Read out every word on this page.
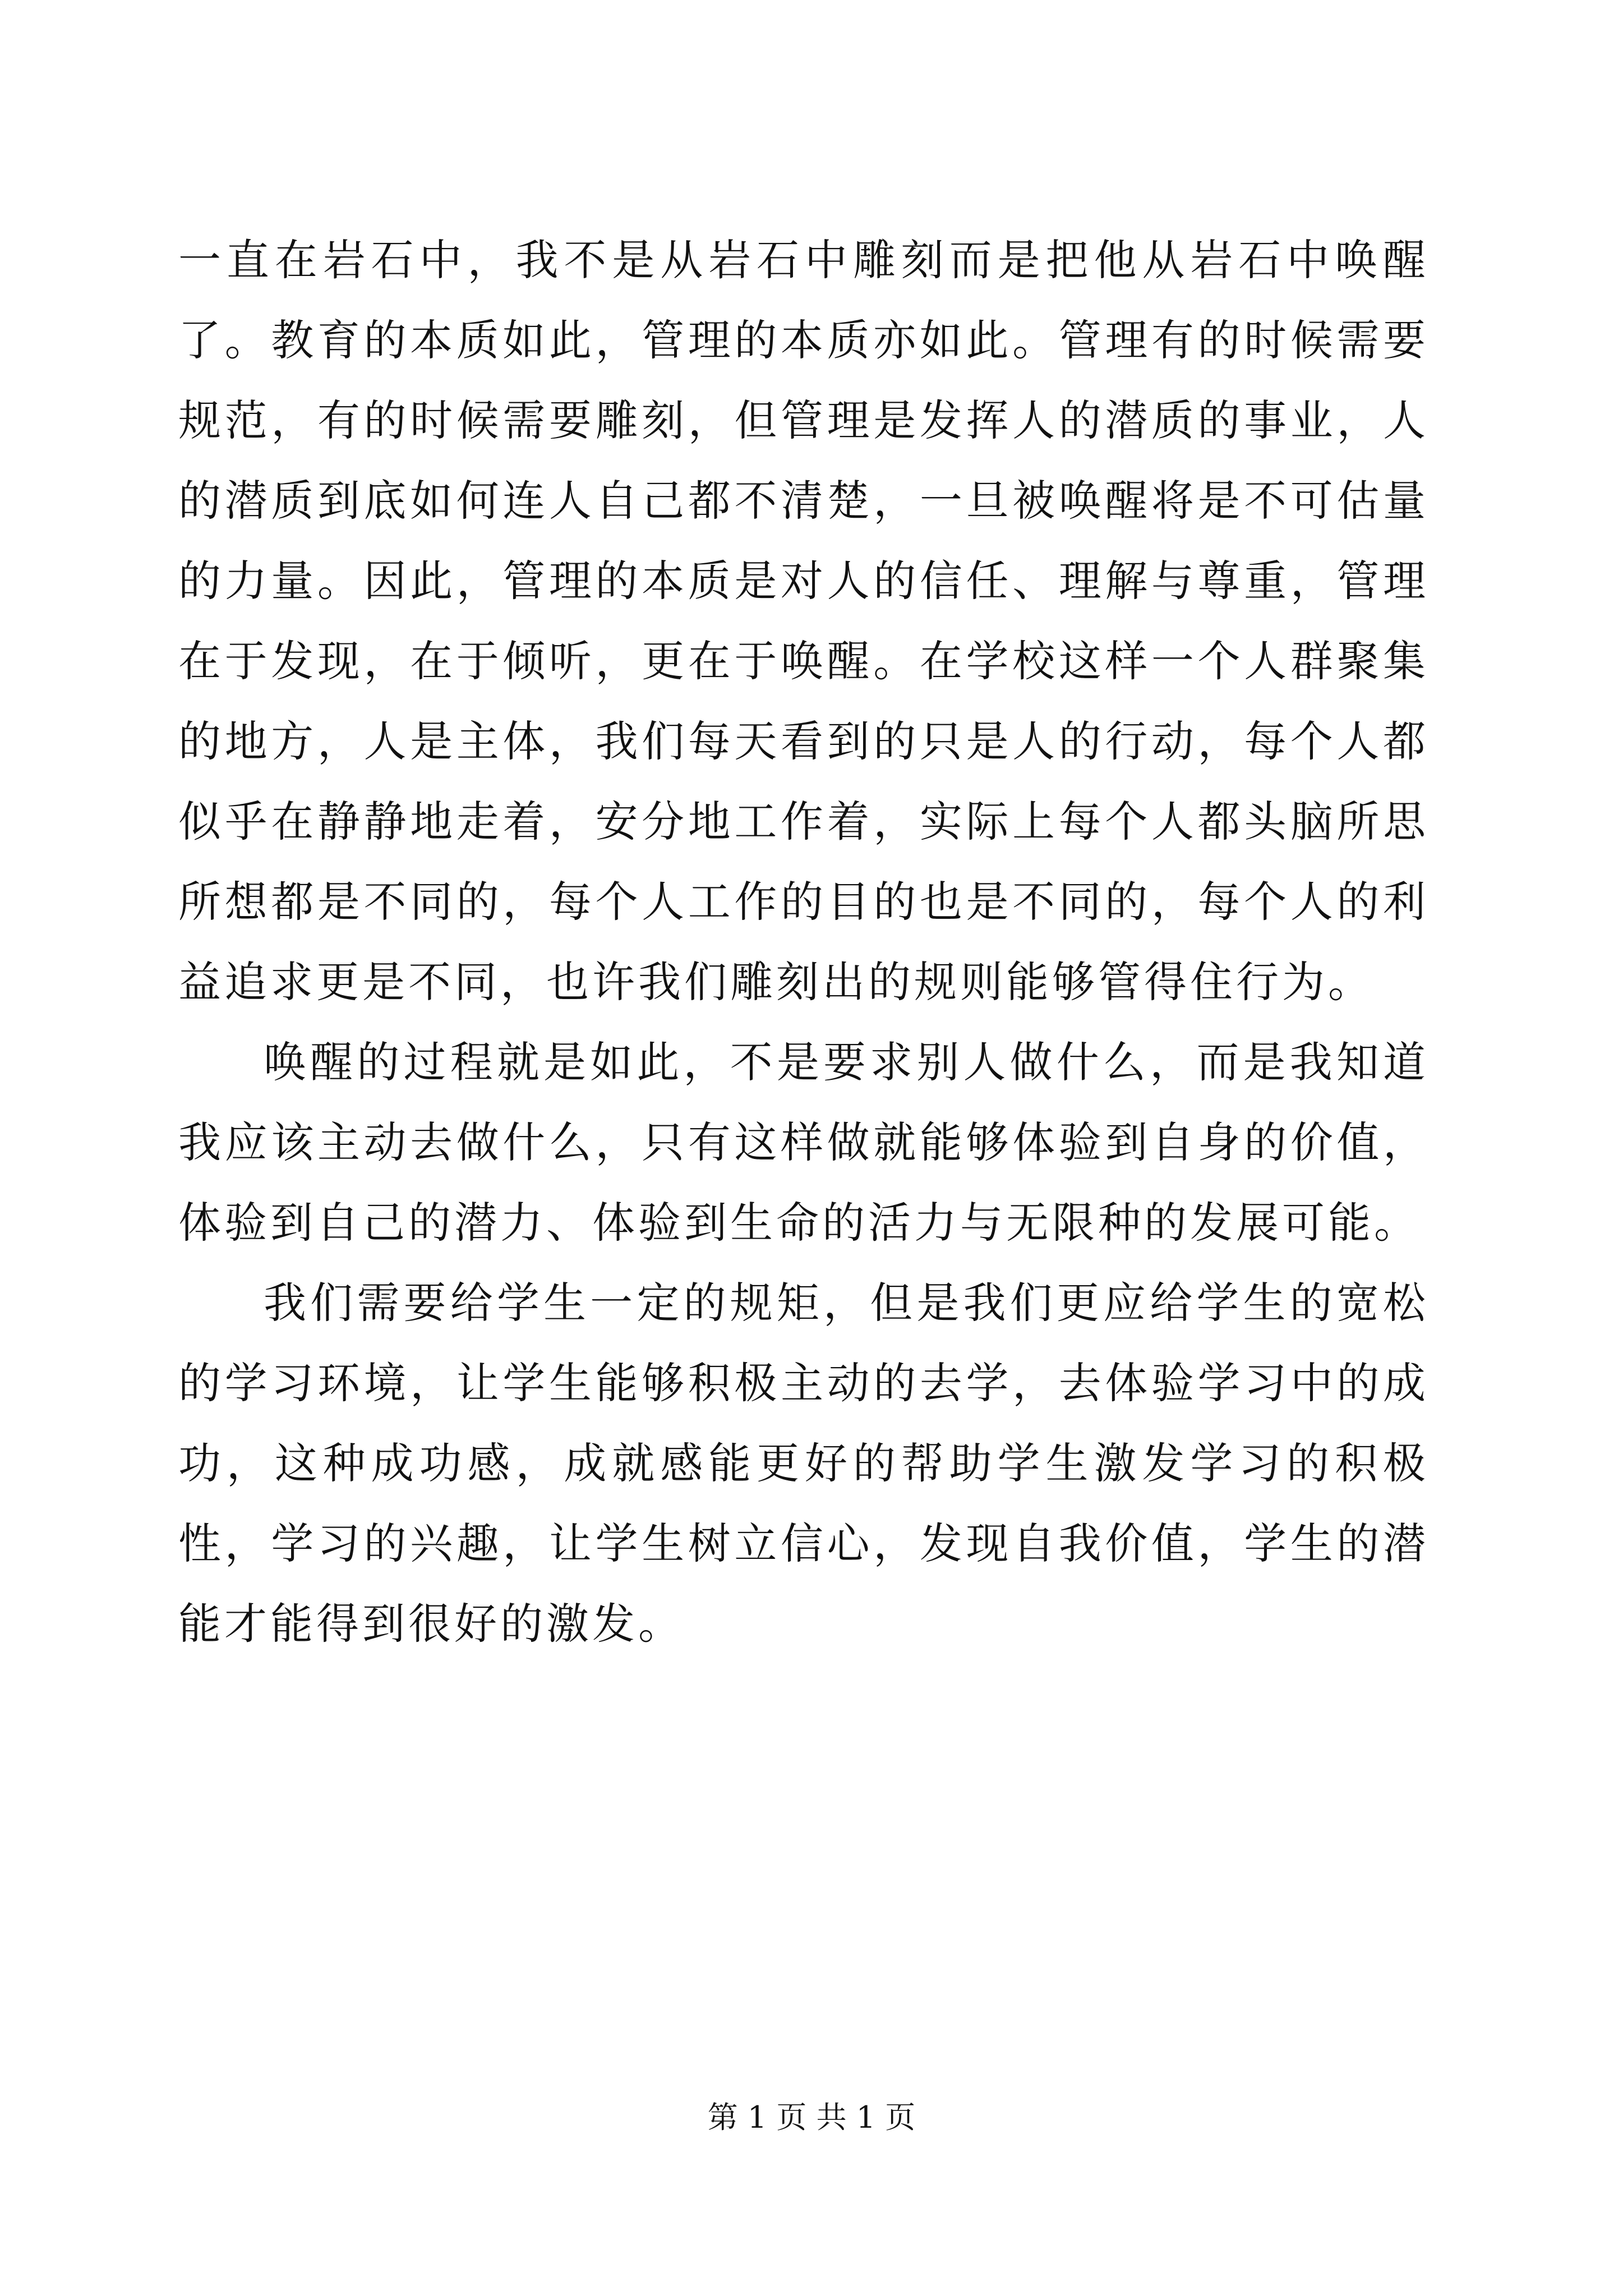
一直在岩石中，我不是从岩石中雕刻而是把他从岩石中唤醒了。教育的本质如此，管理的本质亦如此。管理有的时候需要规范，有的时候需要雕刻，但管理是发挥人的潜质的事业，人的潜质到底如何连人自己都不清楚，一旦被唤醒将是不可估量的力量。因此，管理的本质是对人的信任、理解与尊重，管理在于发现，在于倾听，更在于唤醒。在学校这样一个人群聚集的地方，人是主体，我们每天看到的只是人的行动，每个人都似乎在静静地走着，安分地工作着，实际上每个人都头脑所思所想都是不同的，每个人工作的目的也是不同的，每个人的利益追求更是不同，也许我们雕刻出的规则能够管得住行为。

唤醒的过程就是如此，不是要求别人做什么，而是我知道我应该主动去做什么，只有这样做就能够体验到自身的价值，体验到自己的潜力、体验到生命的活力与无限种的发展可能。

我们需要给学生一定的规矩，但是我们更应给学生的宽松的学习环境，让学生能够积极主动的去学，去体验学习中的成功，这种成功感，成就感能更好的帮助学生激发学习的积极性，学习的兴趣，让学生树立信心，发现自我价值，学生的潜能才能得到很好的激发。

第 1 页 共 1 页
